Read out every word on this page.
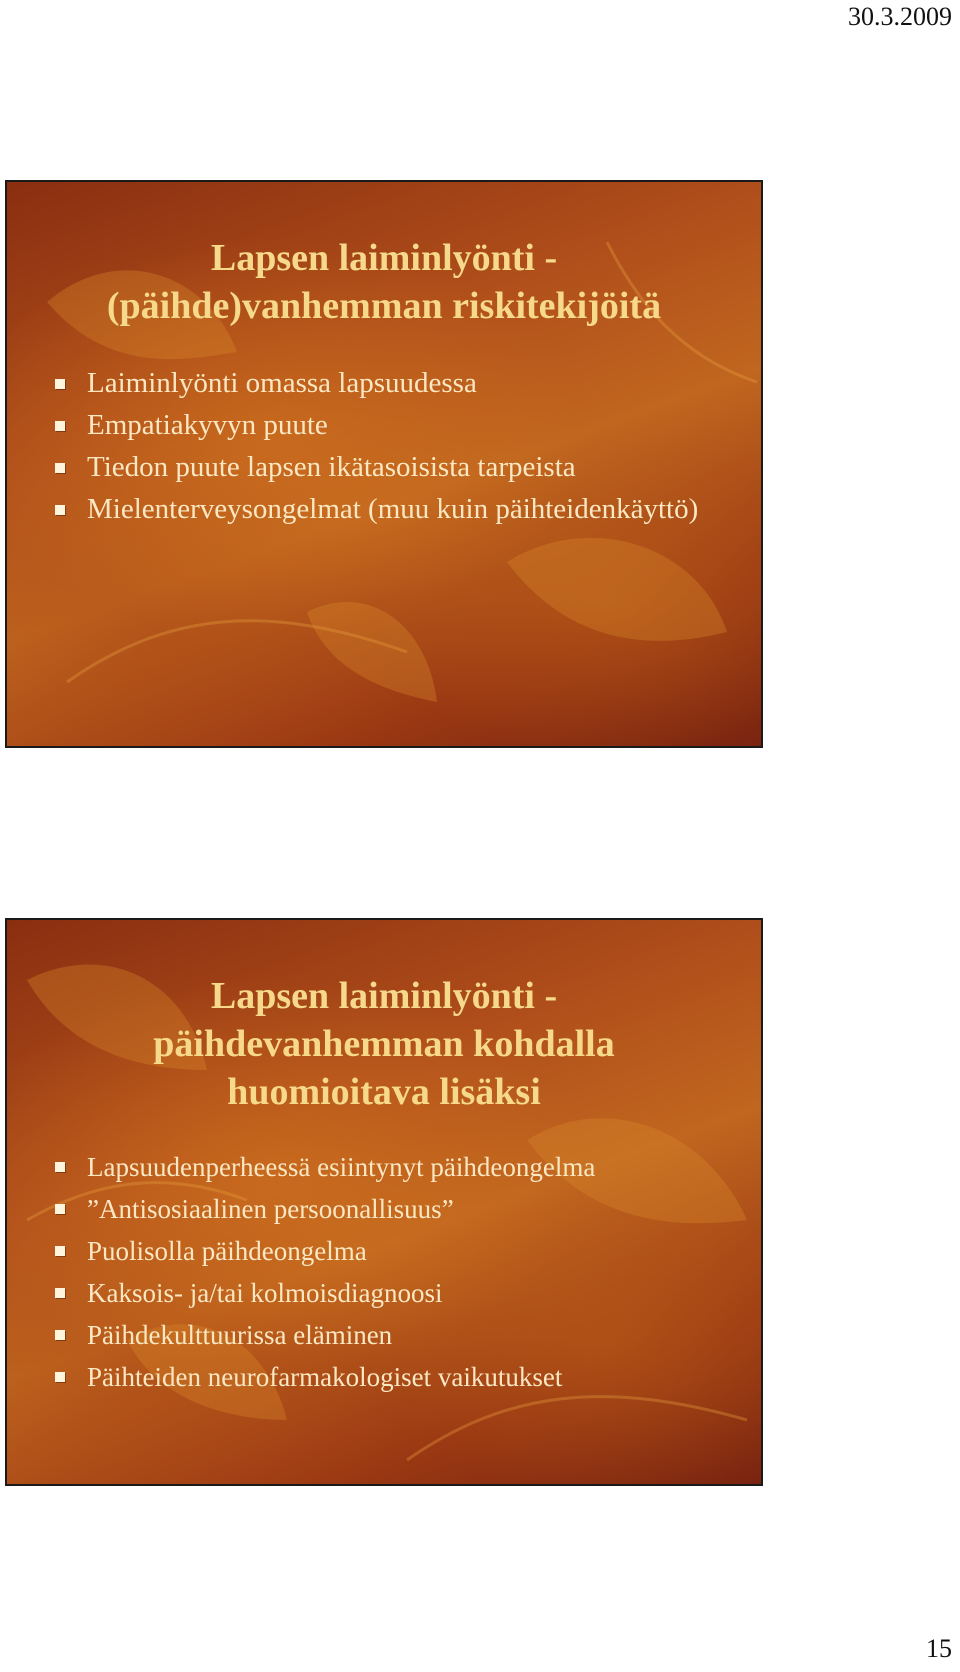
30.3.2009
Lapsen laiminlyönti -
(päihde)vanhemman riskitekijöitä
Laiminlyönti omassa lapsuudessa
Empatiakyvyn puute
Tiedon puute lapsen ikätasoisista tarpeista
Mielenterveysongelmat (muu kuin päihteidenkäyttö)
Lapsen laiminlyönti -
päihdevanhemman kohdalla
huomioitava lisäksi
Lapsuudenperheessä esiintynyt päihdeongelma
”Antisosiaalinen persoonallisuus”
Puolisolla päihdeongelma
Kaksois- ja/tai kolmoisdiagnoosi
Päihdekulttuurissa eläminen
Päihteiden neurofarmakologiset vaikutukset
15
